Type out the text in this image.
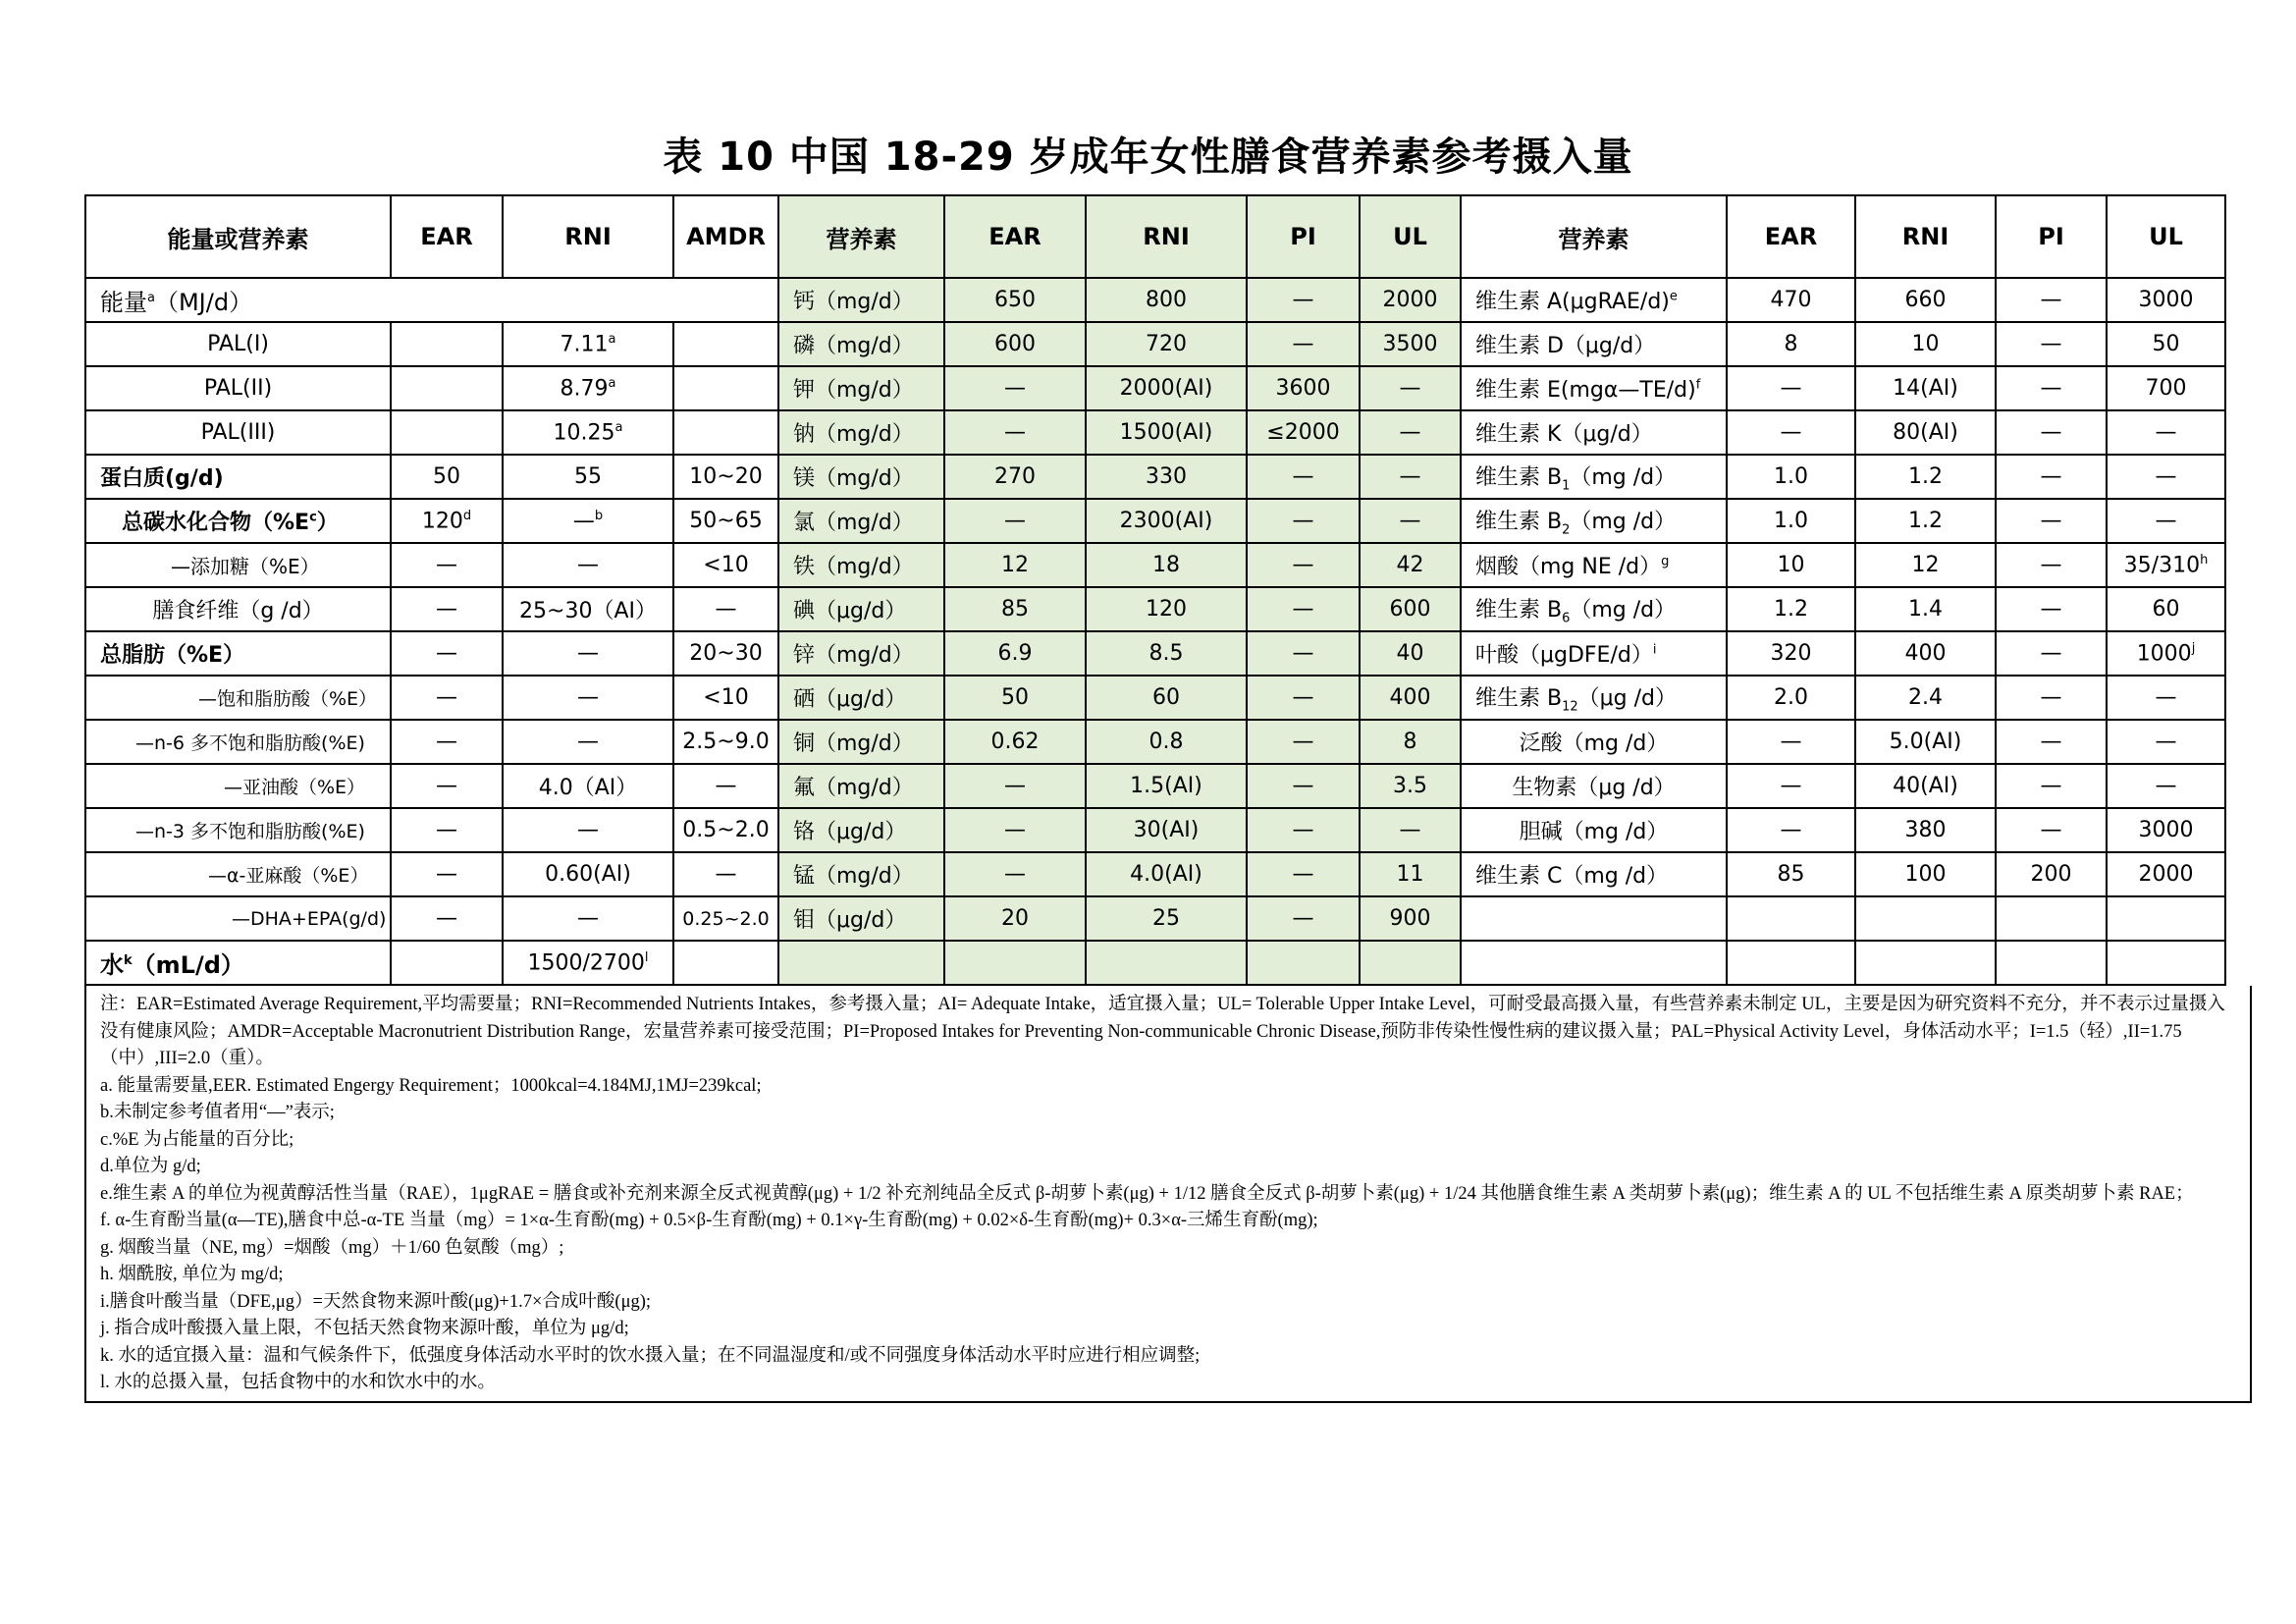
表 10 中国 18-29 岁成年女性膳食营养素参考摄入量
能量或营养素	EAR	RNI	AMDR	营养素	EAR	RNI	PI	UL	营养素	EAR	RNI	PI	UL
能量$^a$（MJ/d）				钙（mg/d）	650	800	—	2000	维生素 A(μgRAE/d)$^e$	470	660	—	3000
PAL(I)		7.11$^a$		磷（mg/d）	600	720	—	3500	维生素 D（μg/d）	8	10	—	50
PAL(II)		8.79$^a$		钾（mg/d）	—	2000(AI)	3600	—	维生素 E(mgα—TE/d)$^f$	—	14(AI)	—	700
PAL(III)		10.25$^a$		钠（mg/d）	—	1500(AI)	≤2000	—	维生素 K（μg/d）	—	80(AI)	—	—
蛋白质(g/d)	50	55	10~20	镁（mg/d）	270	330	—	—	维生素 $B_1(mg$ /d）	1.0	1.2	—	—
总碳水化合物$(\%E^c)$	120$^d$	—$^b$	50~65	氯（mg/d）	—	2300(AI)	—	—	维生素 $B_2(mg$ /d）	1.0	1.2	—	—
—添加糖（%E）	—	—	<10	铁（mg/d）	12	18	—	42	烟酸（mg NE /d）$^g$	10	12	—	35/310$^h$
膳食纤维（g /d）	—	25~30（AI）	—	碘（μg/d）	85	120	—	600	维生素 $B_6(mg$ /d）	1.2	1.4	—	60
总脂肪（%E）	—	—	20~30	锌（mg/d）	6.9	8.5	—	40	叶酸（μgDFE/d）$^i$	320	400	—	1000$^j$
—饱和脂肪酸（%E）	—	—	<10	硒（μg/d）	50	60	—	400	维生素 $B_{12}(\mu g$ /d）	2.0	2.4	—	—
—n-6 多不饱和脂肪酸(%E)	—	—	2.5~9.0	铜（mg/d）	0.62	0.8	—	8	泛酸（mg /d）	—	5.0(AI)	—	—
—亚油酸（%E）	—	4.0（AI）	—	氟（mg/d）	—	1.5(AI)	—	3.5	生物素（μg /d）	—	40(AI)	—	—
—n-3 多不饱和脂肪酸(%E)	—	—	0.5~2.0	铬（μg/d）	—	30(AI)	—	—	胆碱（mg /d）	—	380	—	3000
—α-亚麻酸（%E）	—	0.60(AI)	—	锰（mg/d）	—	4.0(AI)	—	11	维生素 C（mg /d）	85	100	200	2000
—DHA+EPA(g/d)	—	—	0.25~2.0	钼（μg/d）	20	25	—	900					
水$^k$（mL/d）		1500/2700$^l$											

注：EAR=Estimated Average Requirement,平均需要量；RNI=Recommended Nutrients Intakes，参考摄入量；AI= Adequate Intake，适宜摄入量；UL= Tolerable Upper Intake Level，可耐受最高摄入量，有些营养素未制定 UL，主要是因为研究资料不充分，并不表示过量摄入没有健康风险；AMDR=Acceptable Macronutrient Distribution Range，宏量营养素可接受范围；PI=Proposed Intakes for Preventing Non-communicable Chronic Disease,预防非传染性慢性病的建议摄入量；PAL=Physical Activity Level，身体活动水平；I=1.5（轻）,II=1.75（中）,III=2.0（重）。

a. 能量需要量,EER. Estimated Engergy Requirement；1000kcal=4.184MJ,1MJ=239kcal;

b.未制定参考值者用“—”表示;

c.%E 为占能量的百分比;

d.单位为 g/d;

e.维生素 A 的单位为视黄醇活性当量（RAE），1μgRAE = 膳食或补充剂来源全反式视黄醇(μg) + 1/2 补充剂纯品全反式 β-胡萝卜素(μg) + 1/12 膳食全反式 β-胡萝卜素(μg) + 1/24 其他膳食维生素 A 类胡萝卜素(μg)；维生素 A 的 UL 不包括维生素 A 原类胡萝卜素 RAE；

f. α-生育酚当量(α—TE),膳食中总-α-TE 当量（mg）= 1×α-生育酚(mg) + 0.5×β-生育酚(mg) + 0.1×γ-生育酚(mg) + 0.02×δ-生育酚(mg)+ 0.3×α-三烯生育酚(mg);

g. 烟酸当量（NE, mg）=烟酸（mg）＋1/60 色氨酸（mg）;

h. 烟酰胺, 单位为 mg/d;

i.膳食叶酸当量（DFE,μg）=天然食物来源叶酸(μg)+1.7×合成叶酸(μg);

j. 指合成叶酸摄入量上限，不包括天然食物来源叶酸，单位为 μg/d;

k. 水的适宜摄入量：温和气候条件下，低强度身体活动水平时的饮水摄入量；在不同温湿度和/或不同强度身体活动水平时应进行相应调整;

l. 水的总摄入量，包括食物中的水和饮水中的水。
